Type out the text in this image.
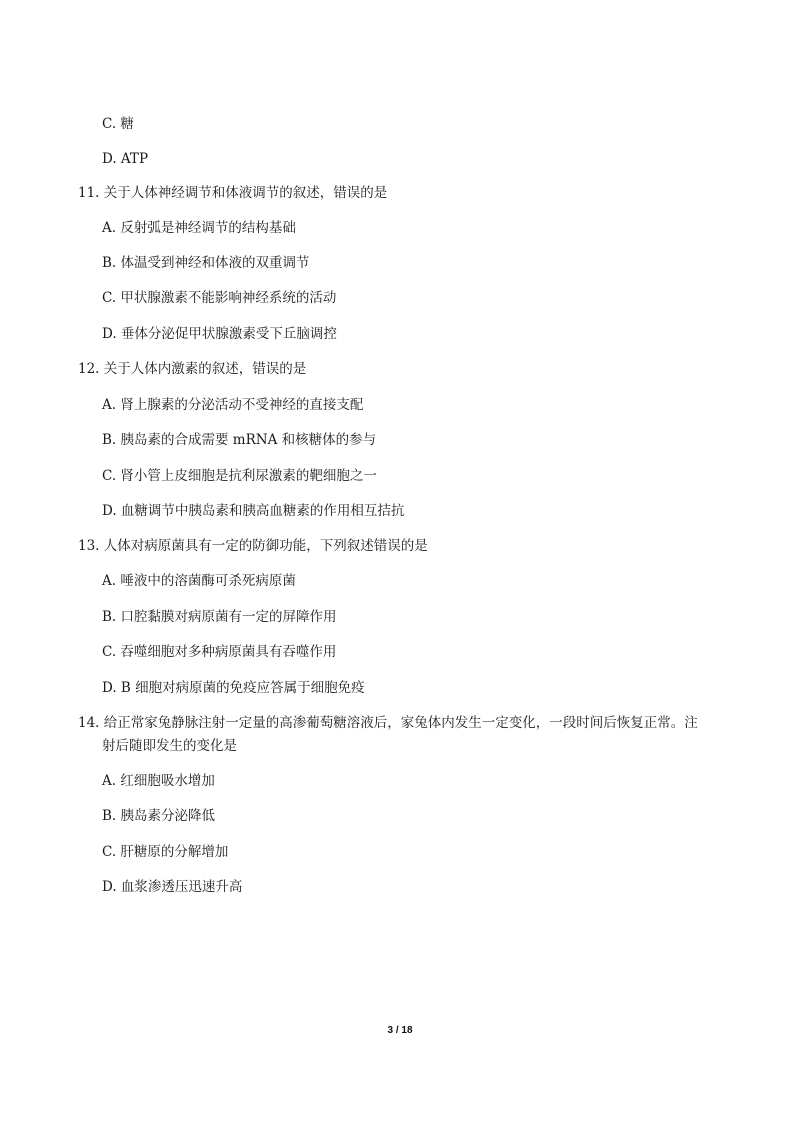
C. 糖
D. ATP
11. 关于人体神经调节和体液调节的叙述，错误的是
A. 反射弧是神经调节的结构基础
B. 体温受到神经和体液的双重调节
C. 甲状腺激素不能影响神经系统的活动
D. 垂体分泌促甲状腺激素受下丘脑调控
12. 关于人体内激素的叙述，错误的是
A. 肾上腺素的分泌活动不受神经的直接支配
B. 胰岛素的合成需要 mRNA 和核糖体的参与
C. 肾小管上皮细胞是抗利尿激素的靶细胞之一
D. 血糖调节中胰岛素和胰高血糖素的作用相互拮抗
13. 人体对病原菌具有一定的防御功能，下列叙述错误的是
A. 唾液中的溶菌酶可杀死病原菌
B. 口腔黏膜对病原菌有一定的屏障作用
C. 吞噬细胞对多种病原菌具有吞噬作用
D. B 细胞对病原菌的免疫应答属于细胞免疫
14. 给正常家兔静脉注射一定量的高渗葡萄糖溶液后，家兔体内发生一定变化，一段时间后恢复正常。注
射后随即发生的变化是
A. 红细胞吸水增加
B. 胰岛素分泌降低
C. 肝糖原的分解增加
D. 血浆渗透压迅速升高
3 / 18
